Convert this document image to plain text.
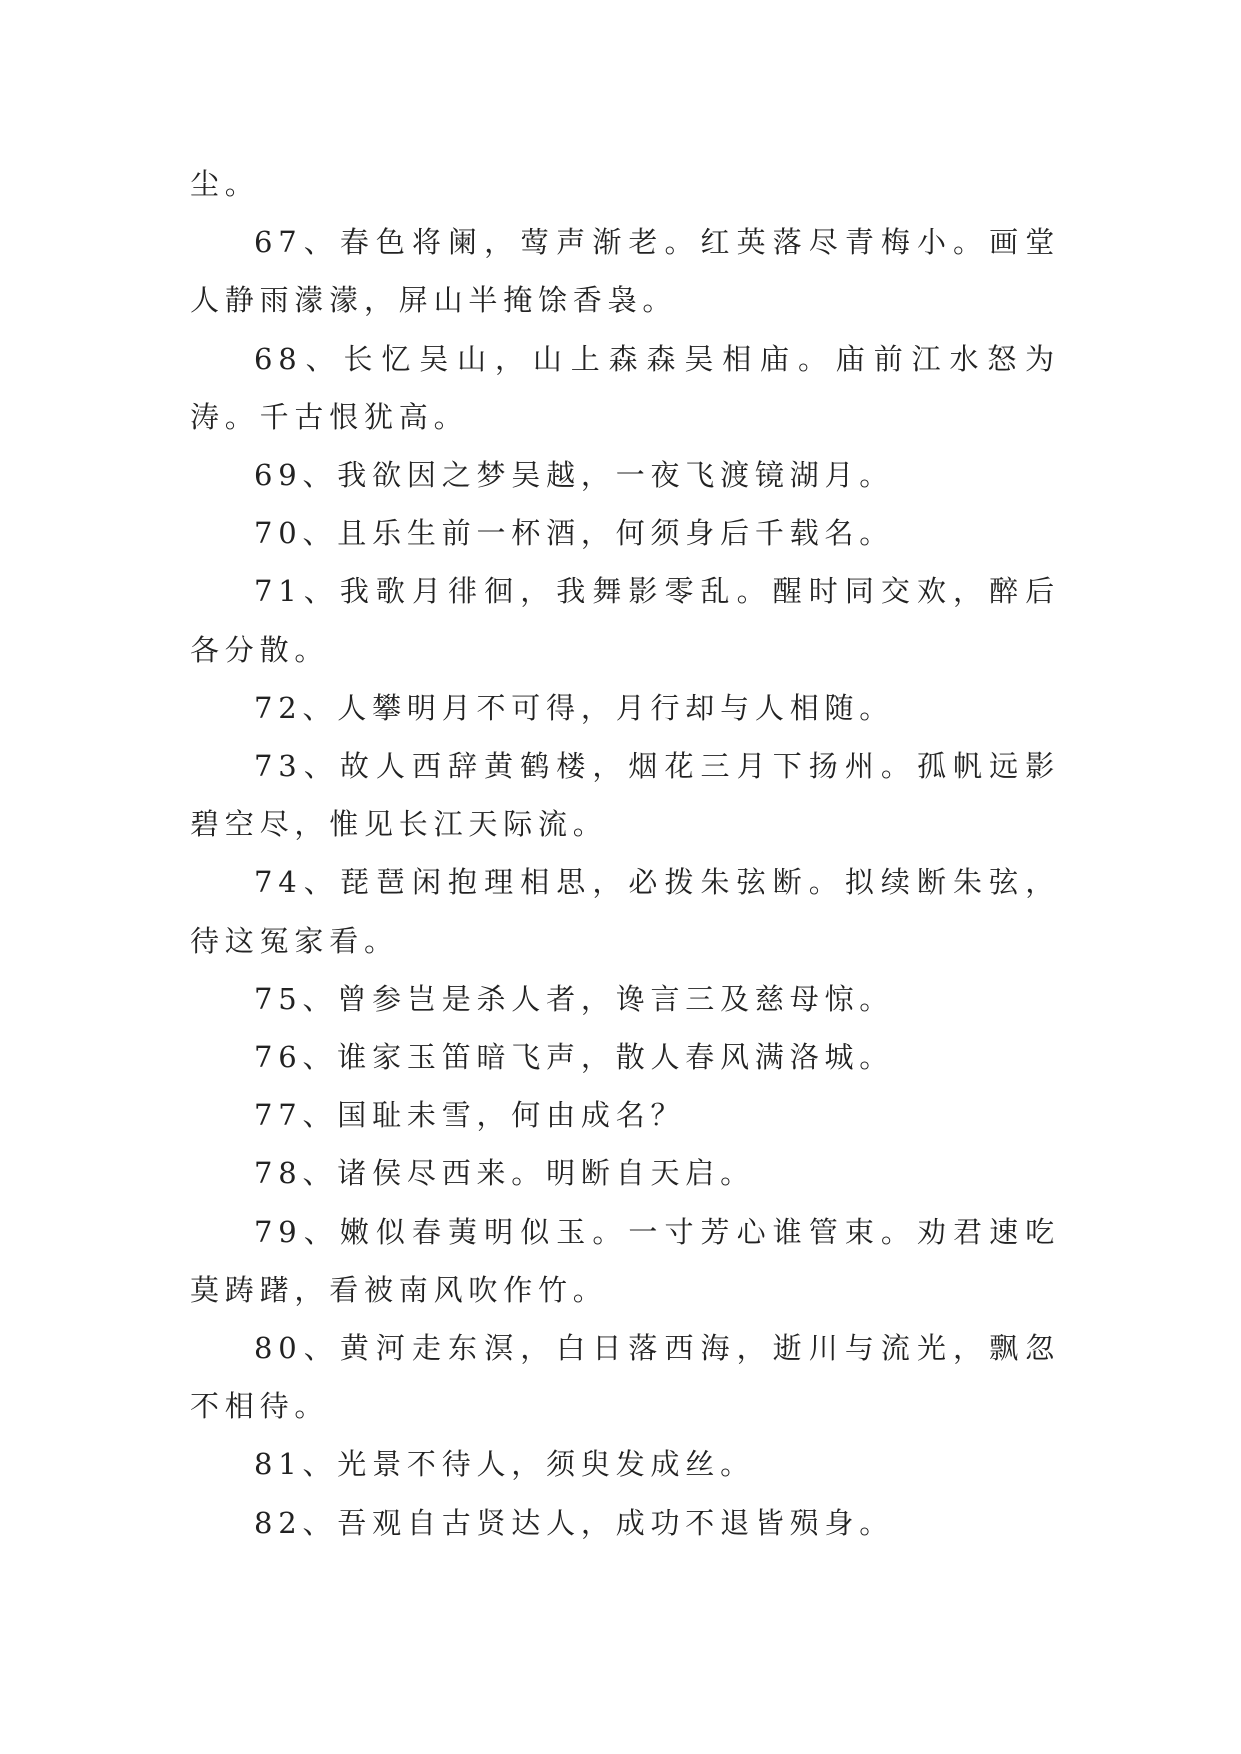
尘。

67、春色将阑，莺声渐老。红英落尽青梅小。画堂人静雨濛濛，屏山半掩馀香袅。

68、长忆吴山，山上森森吴相庙。庙前江水怒为涛。千古恨犹高。

69、我欲因之梦吴越，一夜飞渡镜湖月。

70、且乐生前一杯酒，何须身后千载名。

71、我歌月徘徊，我舞影零乱。醒时同交欢，醉后各分散。

72、人攀明月不可得，月行却与人相随。

73、故人西辞黄鹤楼，烟花三月下扬州。孤帆远影碧空尽，惟见长江天际流。

74、琵琶闲抱理相思，必拨朱弦断。拟续断朱弦，待这冤家看。

75、曾参岂是杀人者，谗言三及慈母惊。

76、谁家玉笛暗飞声，散人春风满洛城。

77、国耻未雪，何由成名？

78、诸侯尽西来。明断自天启。

79、嫩似春荑明似玉。一寸芳心谁管束。劝君速吃莫踌躇，看被南风吹作竹。

80、黄河走东溟，白日落西海，逝川与流光，飘忽不相待。

81、光景不待人，须臾发成丝。

82、吾观自古贤达人，成功不退皆殒身。
